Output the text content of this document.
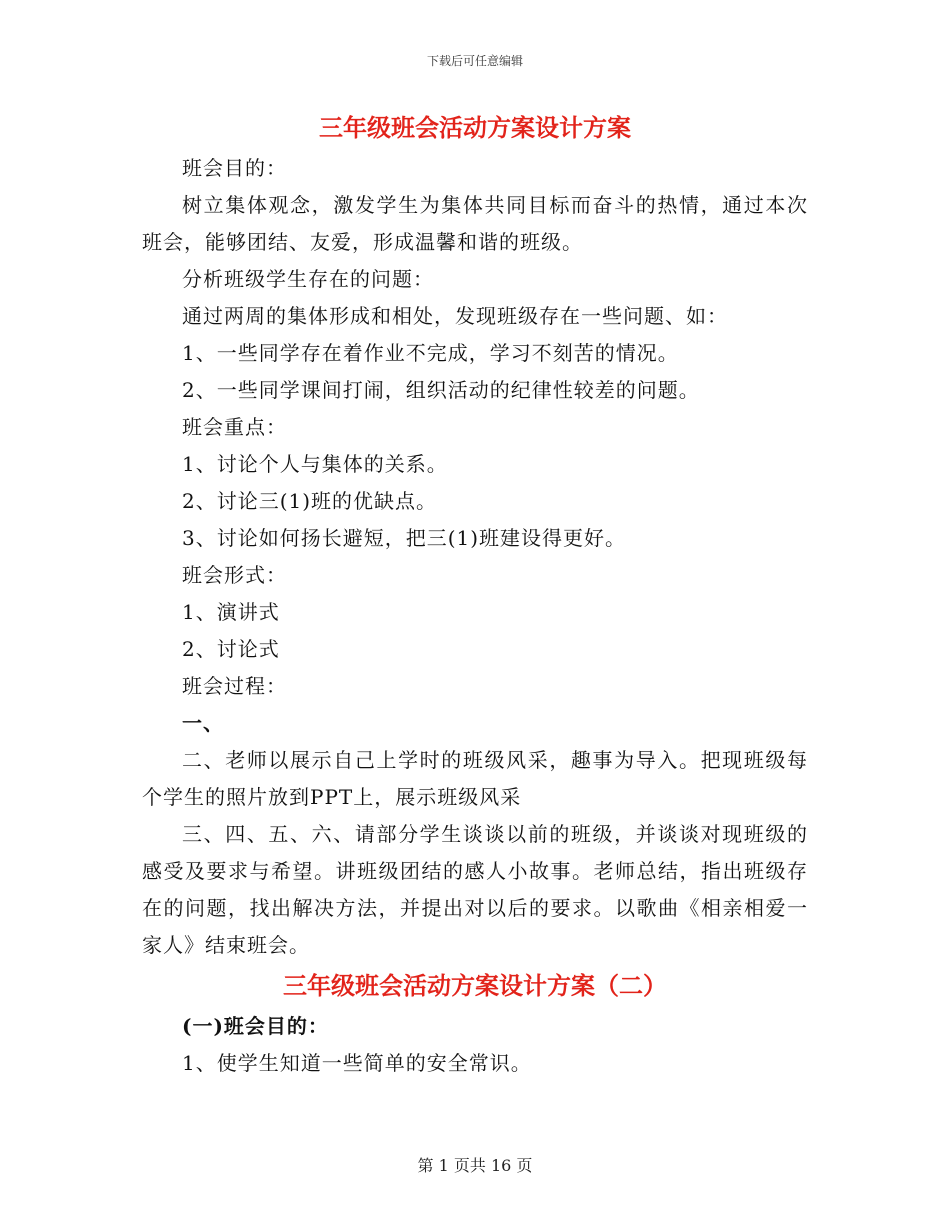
下载后可任意编辑
三年级班会活动方案设计方案

班会目的：

树立集体观念，激发学生为集体共同目标而奋斗的热情，通过本次班会，能够团结、友爱，形成温馨和谐的班级。

分析班级学生存在的问题：

通过两周的集体形成和相处，发现班级存在一些问题、如：

1、一些同学存在着作业不完成，学习不刻苦的情况。

2、一些同学课间打闹，组织活动的纪律性较差的问题。

班会重点：

1、讨论个人与集体的关系。

2、讨论三(1)班的优缺点。

3、讨论如何扬长避短，把三(1)班建设得更好。

班会形式：

1、演讲式

2、讨论式

班会过程：

一、

二、老师以展示自己上学时的班级风采，趣事为导入。把现班级每个学生的照片放到PPT上，展示班级风采

三、四、五、六、请部分学生谈谈以前的班级，并谈谈对现班级的感受及要求与希望。讲班级团结的感人小故事。老师总结，指出班级存在的问题，找出解决方法，并提出对以后的要求。以歌曲《相亲相爱一家人》结束班会。

三年级班会活动方案设计方案（二）

(一)班会目的：

1、使学生知道一些简单的安全常识。

第 1 页共 16 页
